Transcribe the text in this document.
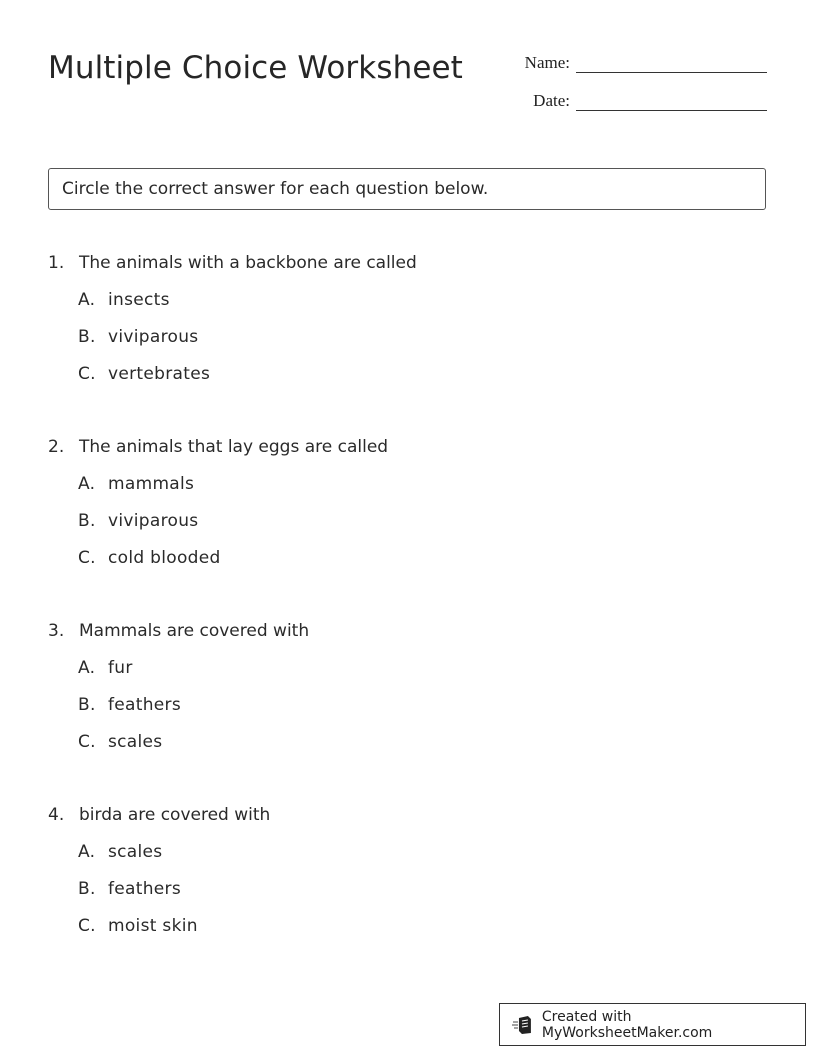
Multiple Choice Worksheet	Name:
Date:
Circle the correct answer for each question below.
1. The animals with a backbone are called
A. insects
B. viviparous
C. vertebrates
2. The animals that lay eggs are called
A. mammals
B. viviparous
C. cold blooded
3. Mammals are covered with
A. fur
B. feathers
C. scales
4. birda are covered with
A. scales
B. feathers
C. moist skin
Created with MyWorksheetMaker.com
